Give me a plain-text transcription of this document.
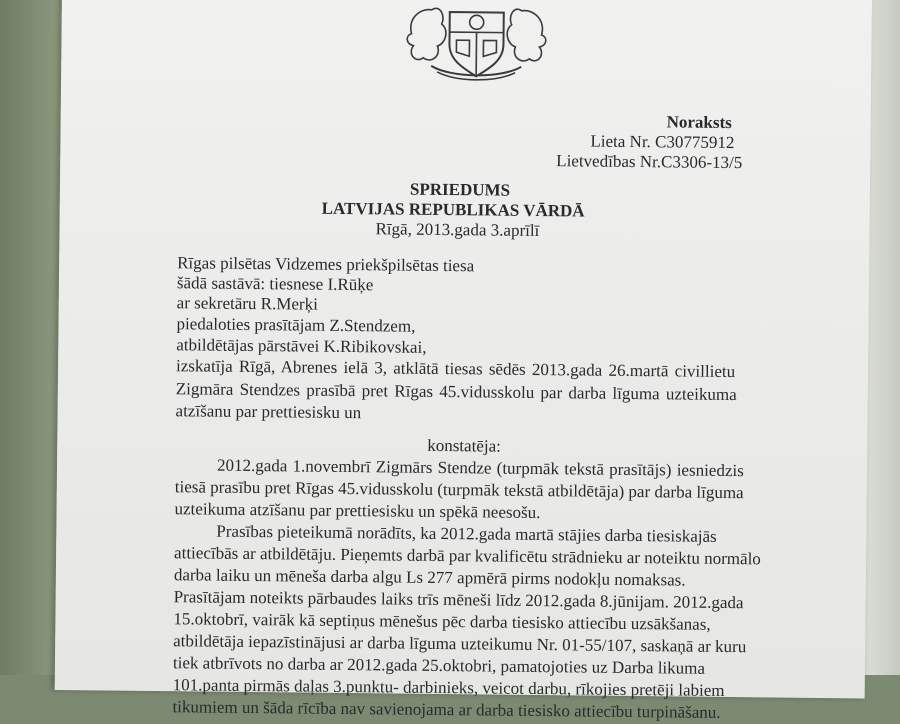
Noraksts
Lieta Nr. C30775912
Lietvedības Nr.C3306-13/5
SPRIEDUMS
LATVIJAS REPUBLIKAS VĀRDĀ
Rīgā, 2013.gada 3.aprīlī
Rīgas pilsētas Vidzemes priekšpilsētas tiesa
šādā sastāvā: tiesnese I.Rūķe
ar sekretāru R.Merķi
piedaloties prasītājam Z.Stendzem,
atbildētājas pārstāvei K.Ribikovskai,
izskatīja Rīgā, Abrenes ielā 3, atklātā tiesas sēdēs 2013.gada 26.martā civillietu
Zigmāra Stendzes prasībā pret Rīgas 45.vidusskolu par darba līguma uzteikuma
atzīšanu par prettiesisku un
konstatēja:
2012.gada 1.novembrī Zigmārs Stendze (turpmāk tekstā prasītājs) iesniedzis
tiesā prasību pret Rīgas 45.vidusskolu (turpmāk tekstā atbildētāja) par darba līguma
uzteikuma atzīšanu par prettiesisku un spēkā neesošu.
Prasības pieteikumā norādīts, ka 2012.gada martā stājies darba tiesiskajās
attiecībās ar atbildētāju. Pieņemts darbā par kvalificētu strādnieku ar noteiktu normālo
darba laiku un mēneša darba algu Ls 277 apmērā pirms nodokļu nomaksas.
Prasītājam noteikts pārbaudes laiks trīs mēneši līdz 2012.gada 8.jūnijam. 2012.gada
15.oktobrī, vairāk kā septiņus mēnešus pēc darba tiesisko attiecību uzsākšanas,
atbildētāja iepazīstinājusi ar darba līguma uzteikumu Nr. 01-55/107, saskaņā ar kuru
tiek atbrīvots no darba ar 2012.gada 25.oktobri, pamatojoties uz Darba likuma
101.panta pirmās daļas 3.punktu- darbinieks, veicot darbu, rīkojies pretēji labiem
tikumiem un šāda rīcība nav savienojama ar darba tiesisko attiecību turpināšanu.
